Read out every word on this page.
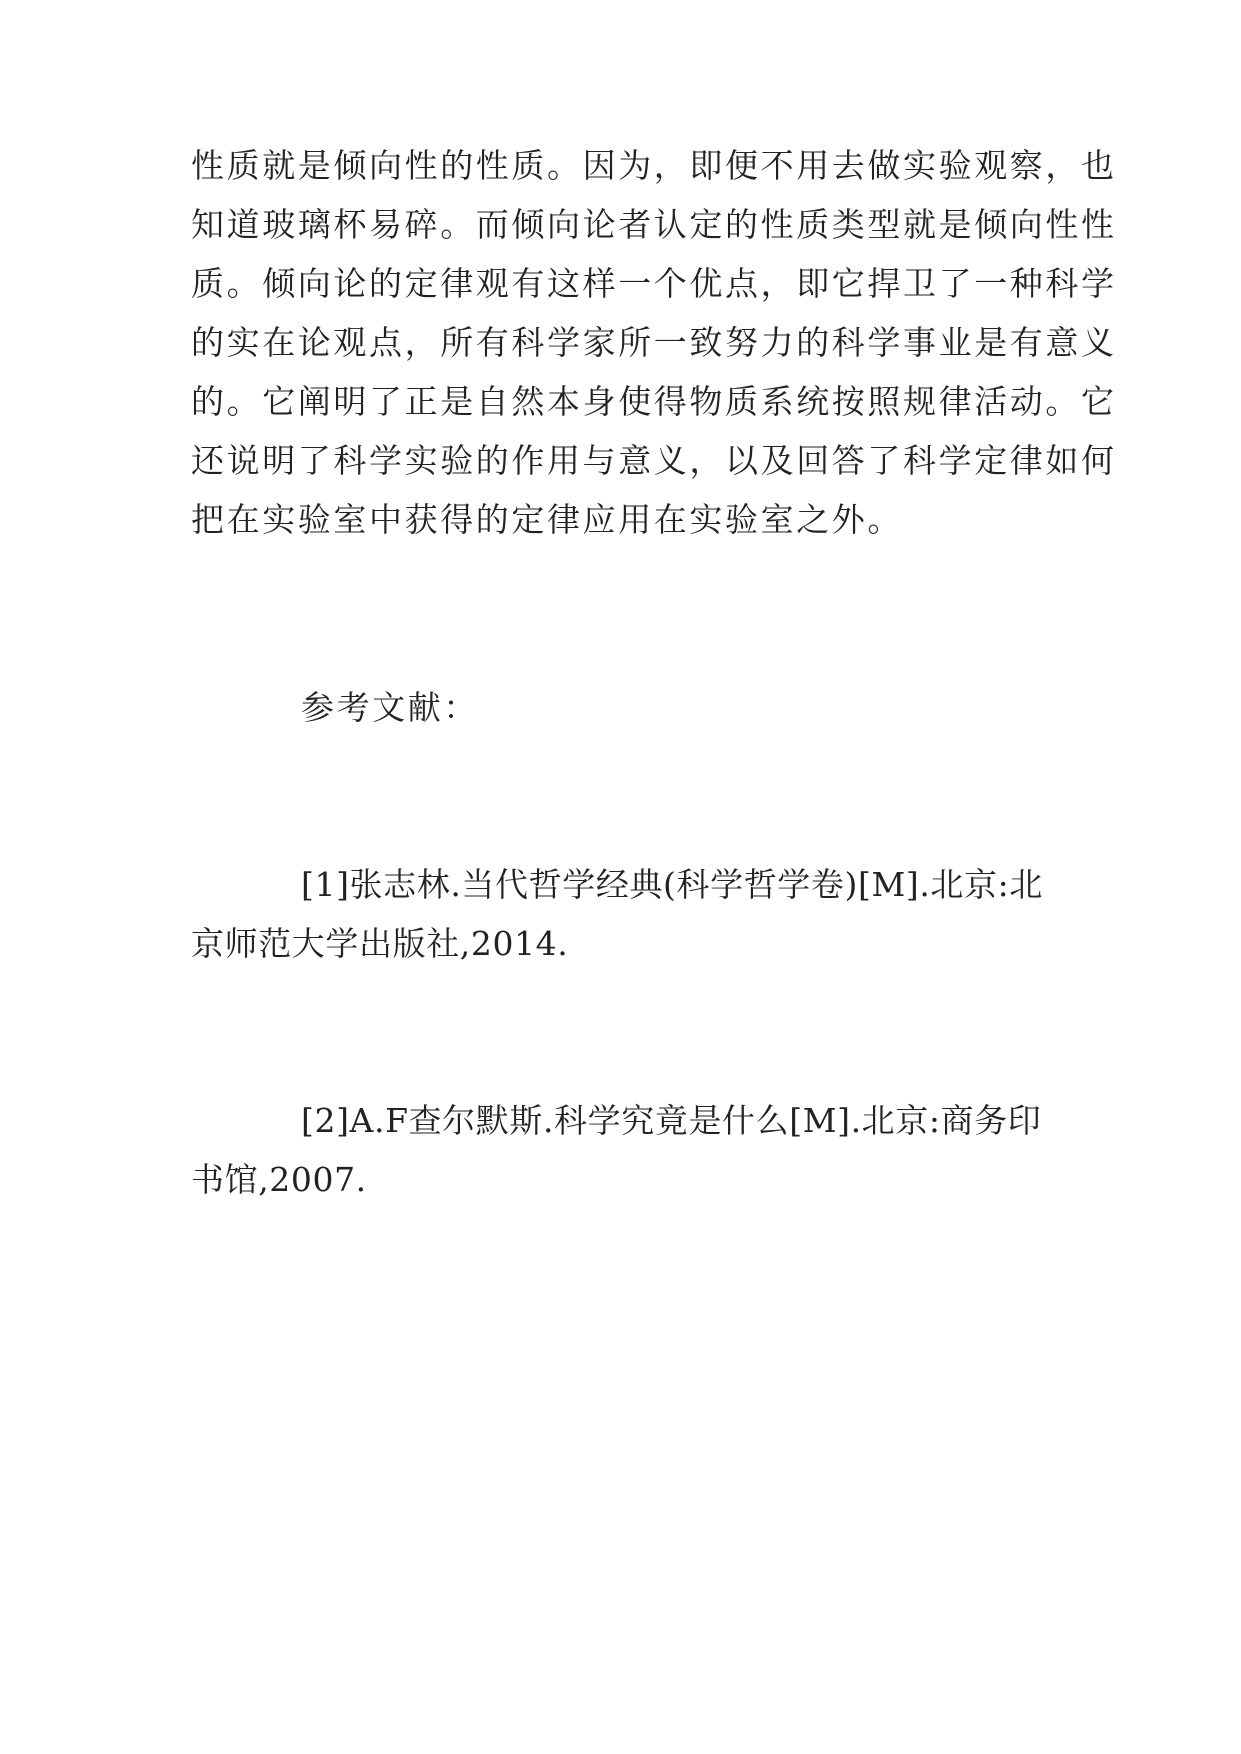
性质就是倾向性的性质。因为，即便不用去做实验观察，也
知道玻璃杯易碎。而倾向论者认定的性质类型就是倾向性性
质。倾向论的定律观有这样一个优点，即它捍卫了一种科学
的实在论观点，所有科学家所一致努力的科学事业是有意义
的。它阐明了正是自然本身使得物质系统按照规律活动。它
还说明了科学实验的作用与意义，以及回答了科学定律如何
把在实验室中获得的定律应用在实验室之外。
参考文献：
[1]张志林.当代哲学经典(科学哲学卷)[M].北京:北
京师范大学出版社,2014.
[2]A.F查尔默斯.科学究竟是什么[M].北京:商务印
书馆,2007.
